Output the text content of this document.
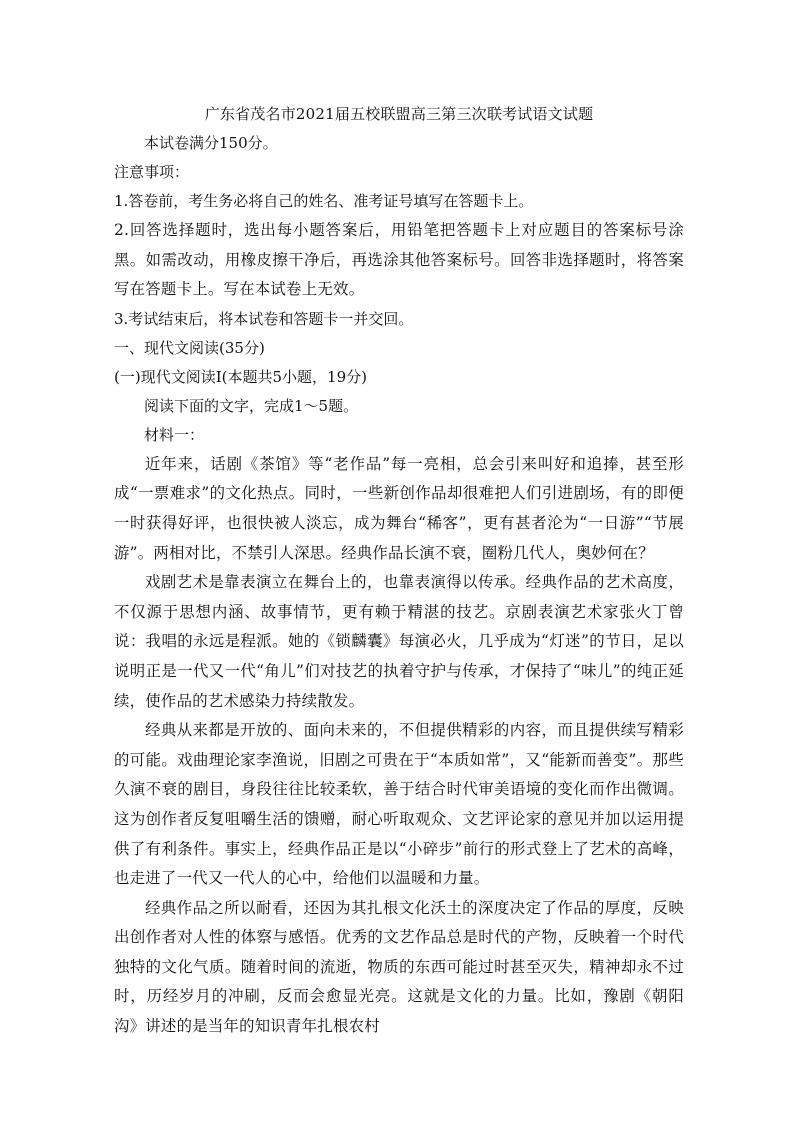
广东省茂名市2021届五校联盟高三第三次联考试语文试题

本试卷满分150分。

注意事项：

1.答卷前，考生务必将自己的姓名、准考证号填写在答题卡上。

2.回答选择题时，选出每小题答案后，用铅笔把答题卡上对应题目的答案标号涂黑。如需改动，用橡皮擦干净后，再选涂其他答案标号。回答非选择题时，将答案写在答题卡上。写在本试卷上无效。

3.考试结束后，将本试卷和答题卡一并交回。

一、现代文阅读(35分)

(一)现代文阅读I(本题共5小题，19分)

阅读下面的文字，完成1～5题。

材料一：

近年来，话剧《茶馆》等“老作品”每一亮相，总会引来叫好和追捧，甚至形成“一票难求”的文化热点。同时，一些新创作品却很难把人们引进剧场，有的即便一时获得好评，也很快被人淡忘，成为舞台“稀客”，更有甚者沦为“一日游”“节展游”。两相对比，不禁引人深思。经典作品长演不衰，圈粉几代人，奥妙何在？

戏剧艺术是靠表演立在舞台上的，也靠表演得以传承。经典作品的艺术高度，不仅源于思想内涵、故事情节，更有赖于精湛的技艺。京剧表演艺术家张火丁曾说：我唱的永远是程派。她的《锁麟囊》每演必火，几乎成为“灯迷”的节日，足以说明正是一代又一代“角儿”们对技艺的执着守护与传承，才保持了“味儿”的纯正延续，使作品的艺术感染力持续散发。

经典从来都是开放的、面向未来的，不但提供精彩的内容，而且提供续写精彩的可能。戏曲理论家李渔说，旧剧之可贵在于“本质如常”，又“能新而善变”。那些久演不衰的剧目，身段往往比较柔软，善于结合时代审美语境的变化而作出微调。这为创作者反复咀嚼生活的馈赠，耐心听取观众、文艺评论家的意见并加以运用提供了有利条件。事实上，经典作品正是以“小碎步”前行的形式登上了艺术的高峰，也走进了一代又一代人的心中，给他们以温暖和力量。

经典作品之所以耐看，还因为其扎根文化沃土的深度决定了作品的厚度，反映出创作者对人性的体察与感悟。优秀的文艺作品总是时代的产物，反映着一个时代独特的文化气质。随着时间的流逝，物质的东西可能过时甚至灭失，精神却永不过时，历经岁月的冲刷，反而会愈显光亮。这就是文化的力量。比如，豫剧《朝阳沟》讲述的是当年的知识青年扎根农村
